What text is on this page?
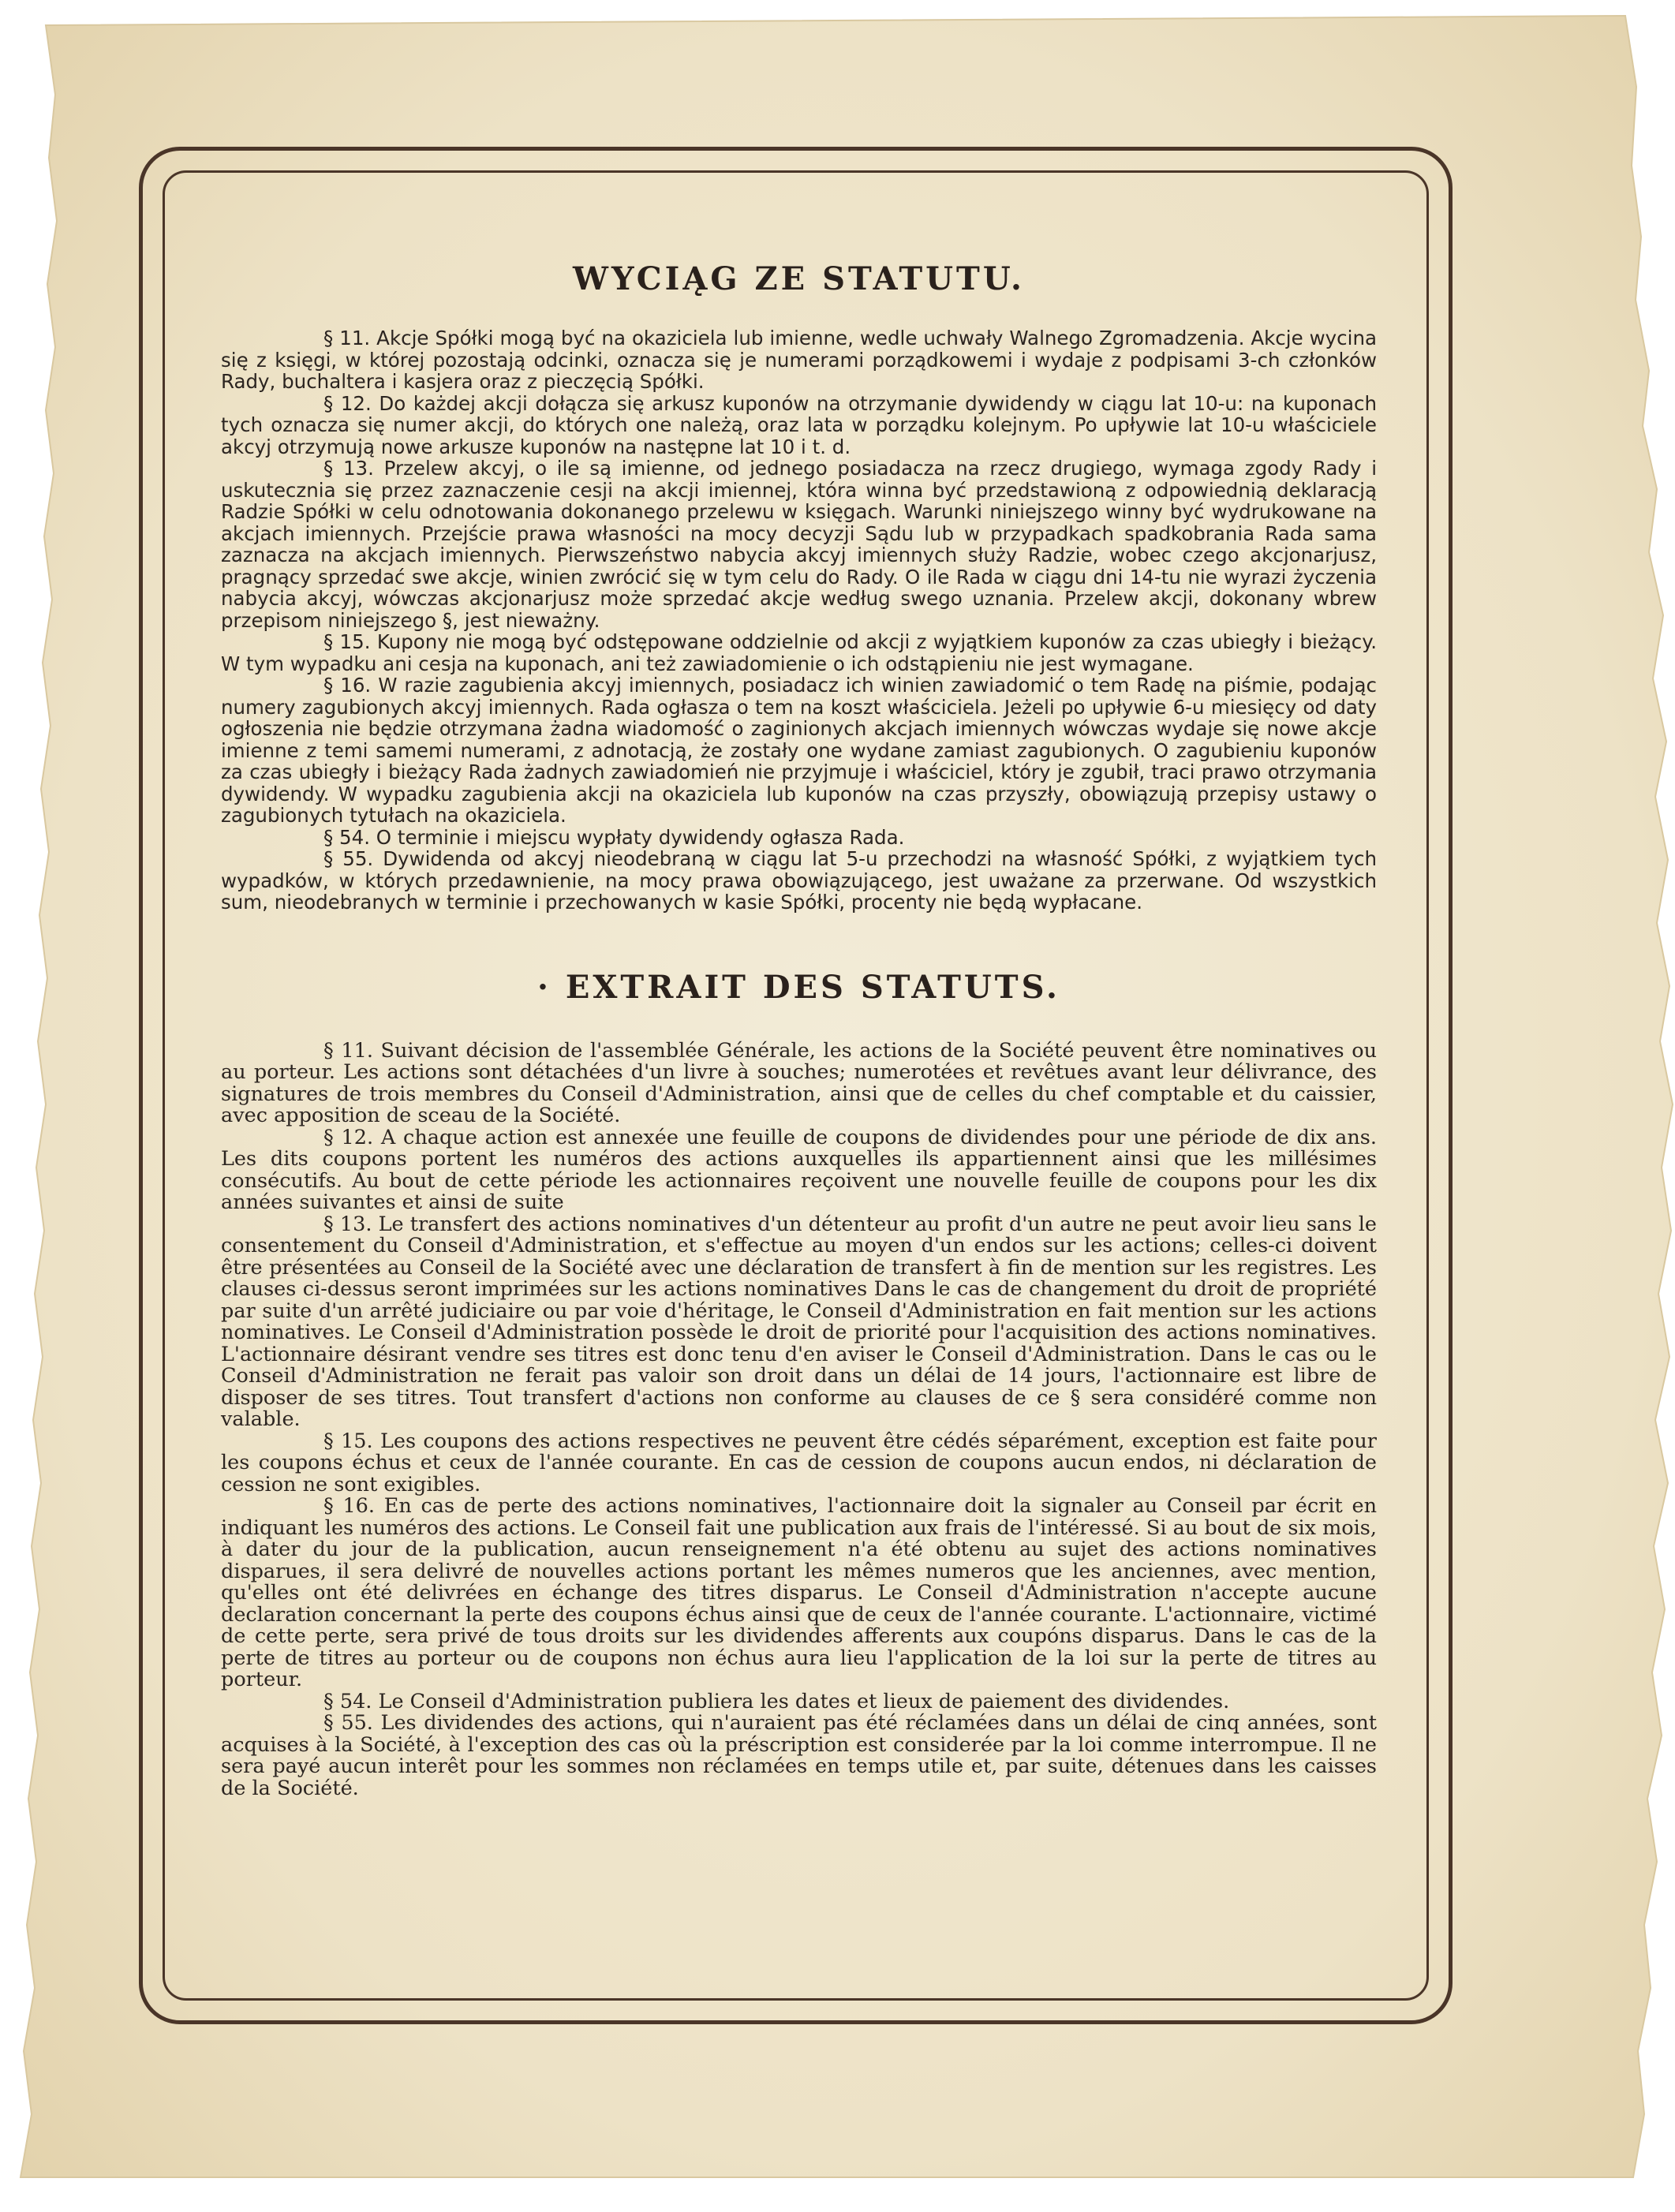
WYCIĄG ZE STATUTU.

§ 11. Akcje Spółki mogą być na okaziciela lub imienne, wedle uchwały Walnego Zgromadzenia. Akcje wycina się z księgi, w której pozostają odcinki, oznacza się je numerami porządkowemi i wydaje z podpisami 3-ch członków Rady, buchaltera i kasjera oraz z pieczęcią Spółki.

§ 12. Do każdej akcji dołącza się arkusz kuponów na otrzymanie dywidendy w ciągu lat 10-u: na kuponach tych oznacza się numer akcji, do których one należą, oraz lata w porządku kolejnym. Po upływie lat 10-u właściciele akcyj otrzymują nowe arkusze kuponów na następne lat 10 i t. d.

§ 13. Przelew akcyj, o ile są imienne, od jednego posiadacza na rzecz drugiego, wymaga zgody Rady i uskutecznia się przez zaznaczenie cesji na akcji imiennej, która winna być przedstawioną z odpowiednią deklaracją Radzie Spółki w celu odnotowania dokonanego przelewu w księgach. Warunki niniejszego winny być wydrukowane na akcjach imiennych. Przejście prawa własności na mocy decyzji Sądu lub w przypadkach spadkobrania Rada sama zaznacza na akcjach imiennych. Pierwszeństwo nabycia akcyj imiennych służy Radzie, wobec czego akcjonarjusz, pragnący sprzedać swe akcje, winien zwrócić się w tym celu do Rady. O ile Rada w ciągu dni 14-tu nie wyrazi życzenia nabycia akcyj, wówczas akcjonarjusz może sprzedać akcje według swego uznania. Przelew akcji, dokonany wbrew przepisom niniejszego §, jest nieważny.

§ 15. Kupony nie mogą być odstępowane oddzielnie od akcji z wyjątkiem kuponów za czas ubiegły i bieżący. W tym wypadku ani cesja na kuponach, ani też zawiadomienie o ich odstąpieniu nie jest wymagane.

§ 16. W razie zagubienia akcyj imiennych, posiadacz ich winien zawiadomić o tem Radę na piśmie, podając numery zagubionych akcyj imiennych. Rada ogłasza o tem na koszt właściciela. Jeżeli po upływie 6-u miesięcy od daty ogłoszenia nie będzie otrzymana żadna wiadomość o zaginionych akcjach imiennych wówczas wydaje się nowe akcje imienne z temi samemi numerami, z adnotacją, że zostały one wydane zamiast zagubionych. O zagubieniu kuponów za czas ubiegły i bieżący Rada żadnych zawiadomień nie przyjmuje i właściciel, który je zgubił, traci prawo otrzymania dywidendy. W wypadku zagubienia akcji na okaziciela lub kuponów na czas przyszły, obowiązują przepisy ustawy o zagubionych tytułach na okaziciela.

§ 54. O terminie i miejscu wypłaty dywidendy ogłasza Rada.

§ 55. Dywidenda od akcyj nieodebraną w ciągu lat 5-u przechodzi na własność Spółki, z wyjątkiem tych wypadków, w których przedawnienie, na mocy prawa obowiązującego, jest uważane za przerwane. Od wszystkich sum, nieodebranych w terminie i przechowanych w kasie Spółki, procenty nie będą wypłacane.

· EXTRAIT DES STATUTS.

§ 11. Suivant décision de l'assemblée Générale, les actions de la Société peuvent être nominatives ou au porteur. Les actions sont détachées d'un livre à souches; numerotées et revêtues avant leur délivrance, des signatures de trois membres du Conseil d'Administration, ainsi que de celles du chef comptable et du caissier, avec apposition de sceau de la Société.

§ 12. A chaque action est annexée une feuille de coupons de dividendes pour une période de dix ans. Les dits coupons portent les numéros des actions auxquelles ils appartiennent ainsi que les millésimes consécutifs. Au bout de cette période les actionnaires reçoivent une nouvelle feuille de coupons pour les dix années suivantes et ainsi de suite

§ 13. Le transfert des actions nominatives d'un détenteur au profit d'un autre ne peut avoir lieu sans le consentement du Conseil d'Administration, et s'effectue au moyen d'un endos sur les actions; celles-ci doivent être présentées au Conseil de la Société avec une déclaration de transfert à fin de mention sur les registres. Les clauses ci-dessus seront imprimées sur les actions nominatives Dans le cas de changement du droit de propriété par suite d'un arrêté judiciaire ou par voie d'héritage, le Conseil d'Administration en fait mention sur les actions nominatives. Le Conseil d'Administration possède le droit de priorité pour l'acquisition des actions nominatives. L'actionnaire désirant vendre ses titres est donc tenu d'en aviser le Conseil d'Administration. Dans le cas ou le Conseil d'Administration ne ferait pas valoir son droit dans un délai de 14 jours, l'actionnaire est libre de disposer de ses titres. Tout transfert d'actions non conforme au clauses de ce § sera considéré comme non valable.

§ 15. Les coupons des actions respectives ne peuvent être cédés séparément, exception est faite pour les coupons échus et ceux de l'année courante. En cas de cession de coupons aucun endos, ni déclaration de cession ne sont exigibles.

§ 16. En cas de perte des actions nominatives, l'actionnaire doit la signaler au Conseil par écrit en indiquant les numéros des actions. Le Conseil fait une publication aux frais de l'intéressé. Si au bout de six mois, à dater du jour de la publication, aucun renseignement n'a été obtenu au sujet des actions nominatives disparues, il sera delivré de nouvelles actions portant les mêmes numeros que les anciennes, avec mention, qu'elles ont été delivrées en échange des titres disparus. Le Conseil d'Administration n'accepte aucune declaration concernant la perte des coupons échus ainsi que de ceux de l'année courante. L'actionnaire, victimé de cette perte, sera privé de tous droits sur les dividendes afferents aux coupóns disparus. Dans le cas de la perte de titres au porteur ou de coupons non échus aura lieu l'application de la loi sur la perte de titres au porteur.

§ 54. Le Conseil d'Administration publiera les dates et lieux de paiement des dividendes.

§ 55. Les dividendes des actions, qui n'auraient pas été réclamées dans un délai de cinq années, sont acquises à la Société, à l'exception des cas où la préscription est considerée par la loi comme interrompue. Il ne sera payé aucun interêt pour les sommes non réclamées en temps utile et, par suite, détenues dans les caisses de la Société.
